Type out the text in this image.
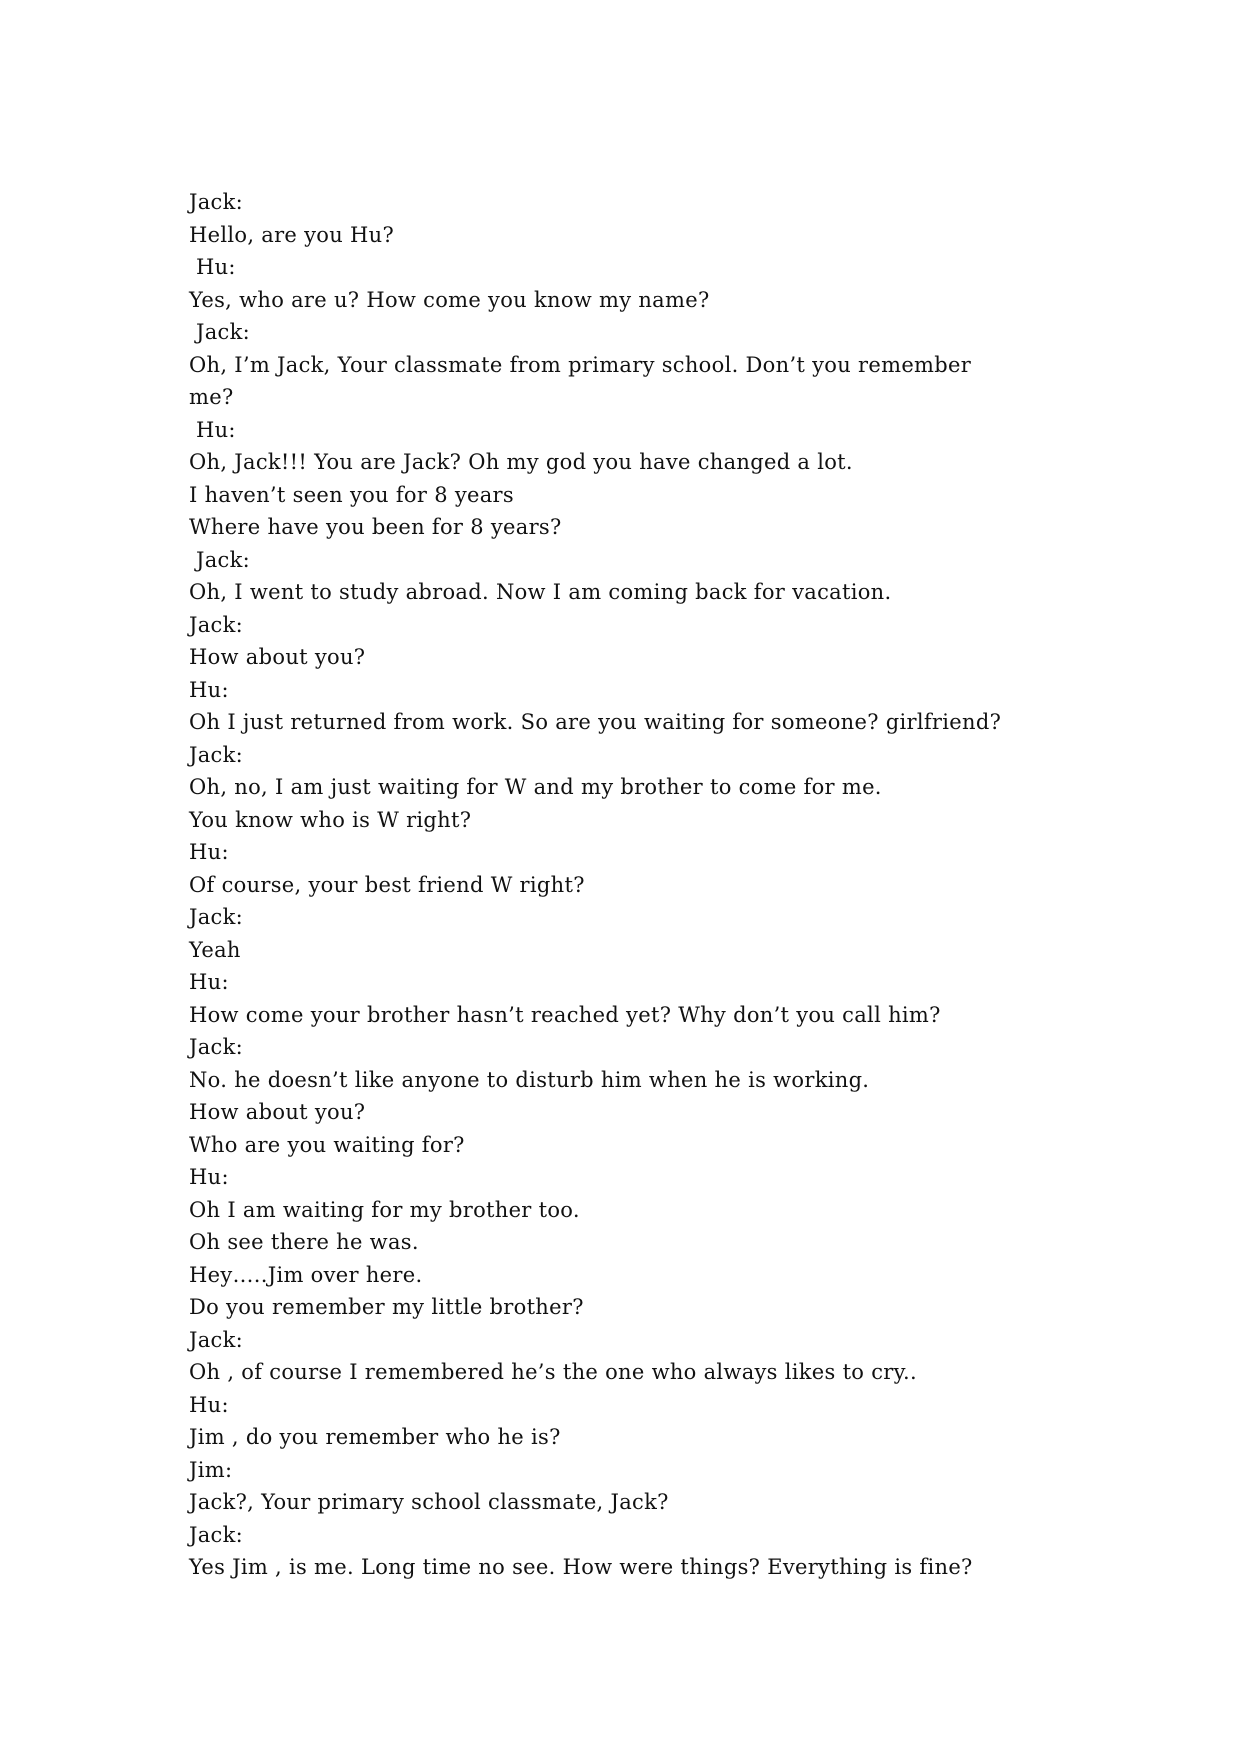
Jack:
Hello, are you Hu?
Hu:
Yes, who are u? How come you know my name?
Jack:
Oh, I’m Jack, Your classmate from primary school. Don’t you remember
me?
Hu:
Oh, Jack!!! You are Jack? Oh my god you have changed a lot.
I haven’t seen you for 8 years
Where have you been for 8 years?
Jack:
Oh, I went to study abroad. Now I am coming back for vacation.
Jack:
How about you?
Hu:
Oh I just returned from work. So are you waiting for someone? girlfriend?
Jack:
Oh, no, I am just waiting for W and my brother to come for me.
You know who is W right?
Hu:
Of course, your best friend W right?
Jack:
Yeah
Hu:
How come your brother hasn’t reached yet? Why don’t you call him?
Jack:
No. he doesn’t like anyone to disturb him when he is working.
How about you?
Who are you waiting for?
Hu:
Oh I am waiting for my brother too.
Oh see there he was.
Hey…..Jim over here.
Do you remember my little brother?
Jack:
Oh , of course I remembered he’s the one who always likes to cry..
Hu:
Jim , do you remember who he is?
Jim:
Jack?, Your primary school classmate, Jack?
Jack:
Yes Jim , is me. Long time no see. How were things? Everything is fine?
